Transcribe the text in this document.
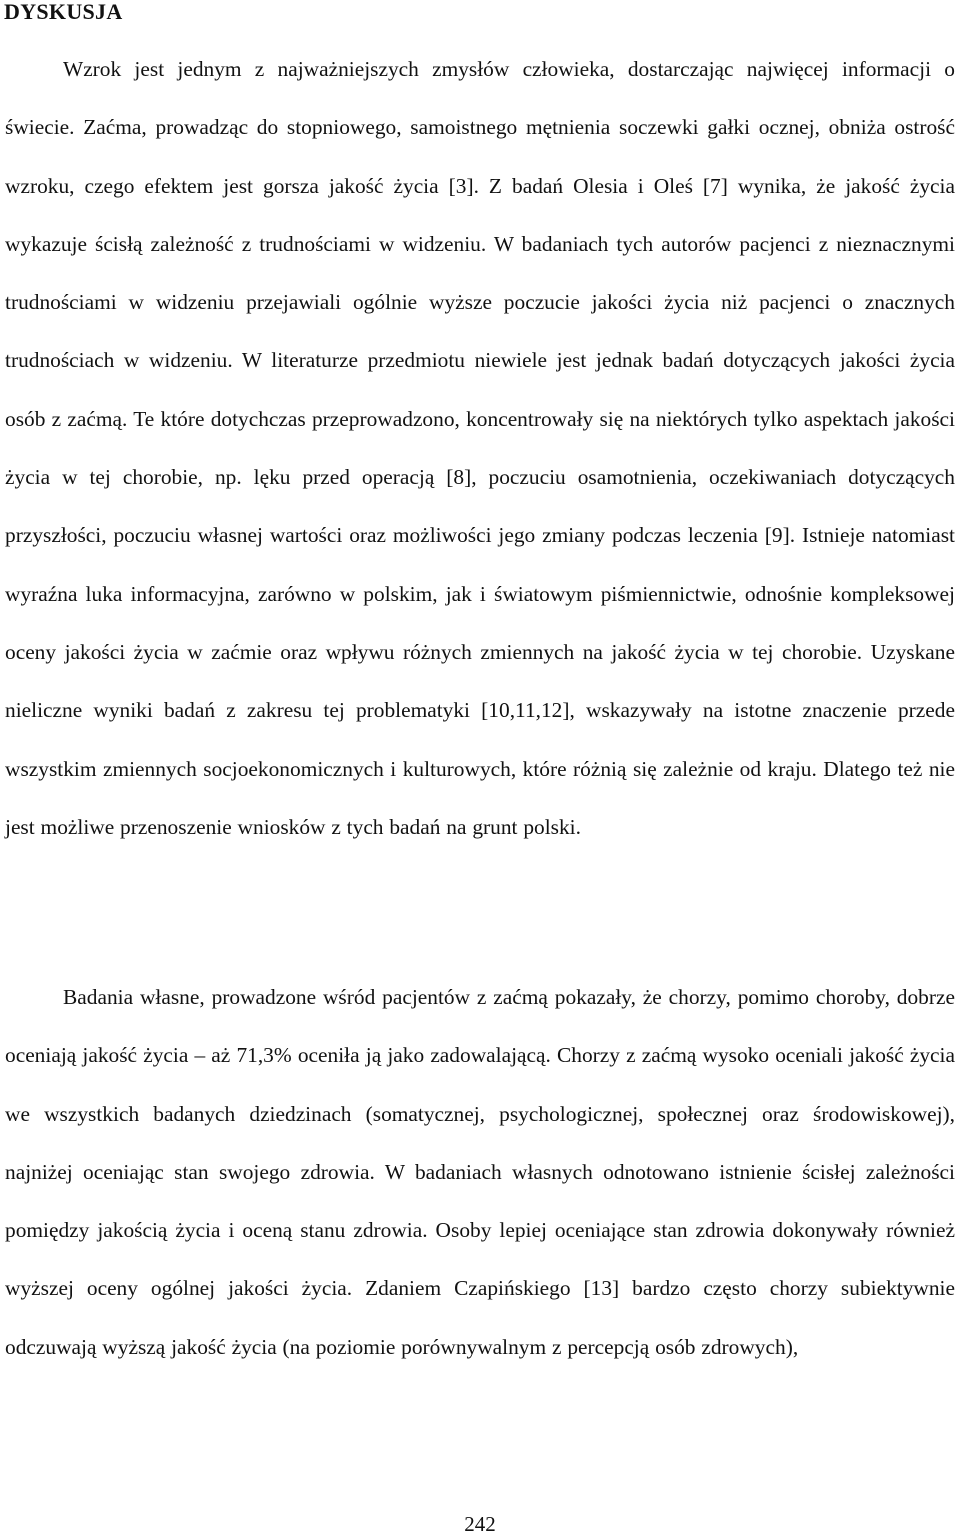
DYSKUSJA

Wzrok jest jednym z najważniejszych zmysłów człowieka, dostarczając najwięcej informacji o świecie. Zaćma, prowadząc do stopniowego, samoistnego mętnienia soczewki gałki ocznej, obniża ostrość wzroku, czego efektem jest gorsza jakość życia [3]. Z badań Olesia i Oleś [7] wynika, że jakość życia wykazuje ścisłą zależność z trudnościami w widzeniu. W badaniach tych autorów pacjenci z nieznacznymi trudnościami w widzeniu przejawiali ogólnie wyższe poczucie jakości życia niż pacjenci o znacznych trudnościach w widzeniu. W literaturze przedmiotu niewiele jest jednak badań dotyczących jakości życia osób z zaćmą. Te które dotychczas przeprowadzono, koncentrowały się na niektórych tylko aspektach jakości życia w tej chorobie, np. lęku przed operacją [8], poczuciu osamotnienia, oczekiwaniach dotyczących przyszłości, poczuciu własnej wartości oraz możliwości jego zmiany podczas leczenia [9]. Istnieje natomiast wyraźna luka informacyjna, zarówno w polskim, jak i światowym piśmiennictwie, odnośnie kompleksowej oceny jakości życia w zaćmie oraz wpływu różnych zmiennych na jakość życia w tej chorobie. Uzyskane nieliczne wyniki badań z zakresu tej problematyki [10,11,12], wskazywały na istotne znaczenie przede wszystkim zmiennych socjoekonomicznych i kulturowych, które różnią się zależnie od kraju. Dlatego też nie jest możliwe przenoszenie wniosków z tych badań na grunt polski.

Badania własne, prowadzone wśród pacjentów z zaćmą pokazały, że chorzy, pomimo choroby, dobrze oceniają jakość życia – aż 71,3% oceniła ją jako zadowalającą. Chorzy z zaćmą wysoko oceniali jakość życia we wszystkich badanych dziedzinach (somatycznej, psychologicznej, społecznej oraz środowiskowej), najniżej oceniając stan swojego zdrowia. W badaniach własnych odnotowano istnienie ścisłej zależności pomiędzy jakością życia i oceną stanu zdrowia. Osoby lepiej oceniające stan zdrowia dokonywały również wyższej oceny ogólnej jakości życia. Zdaniem Czapińskiego [13] bardzo często chorzy subiektywnie odczuwają wyższą jakość życia (na poziomie porównywalnym z percepcją osób zdrowych),

242
